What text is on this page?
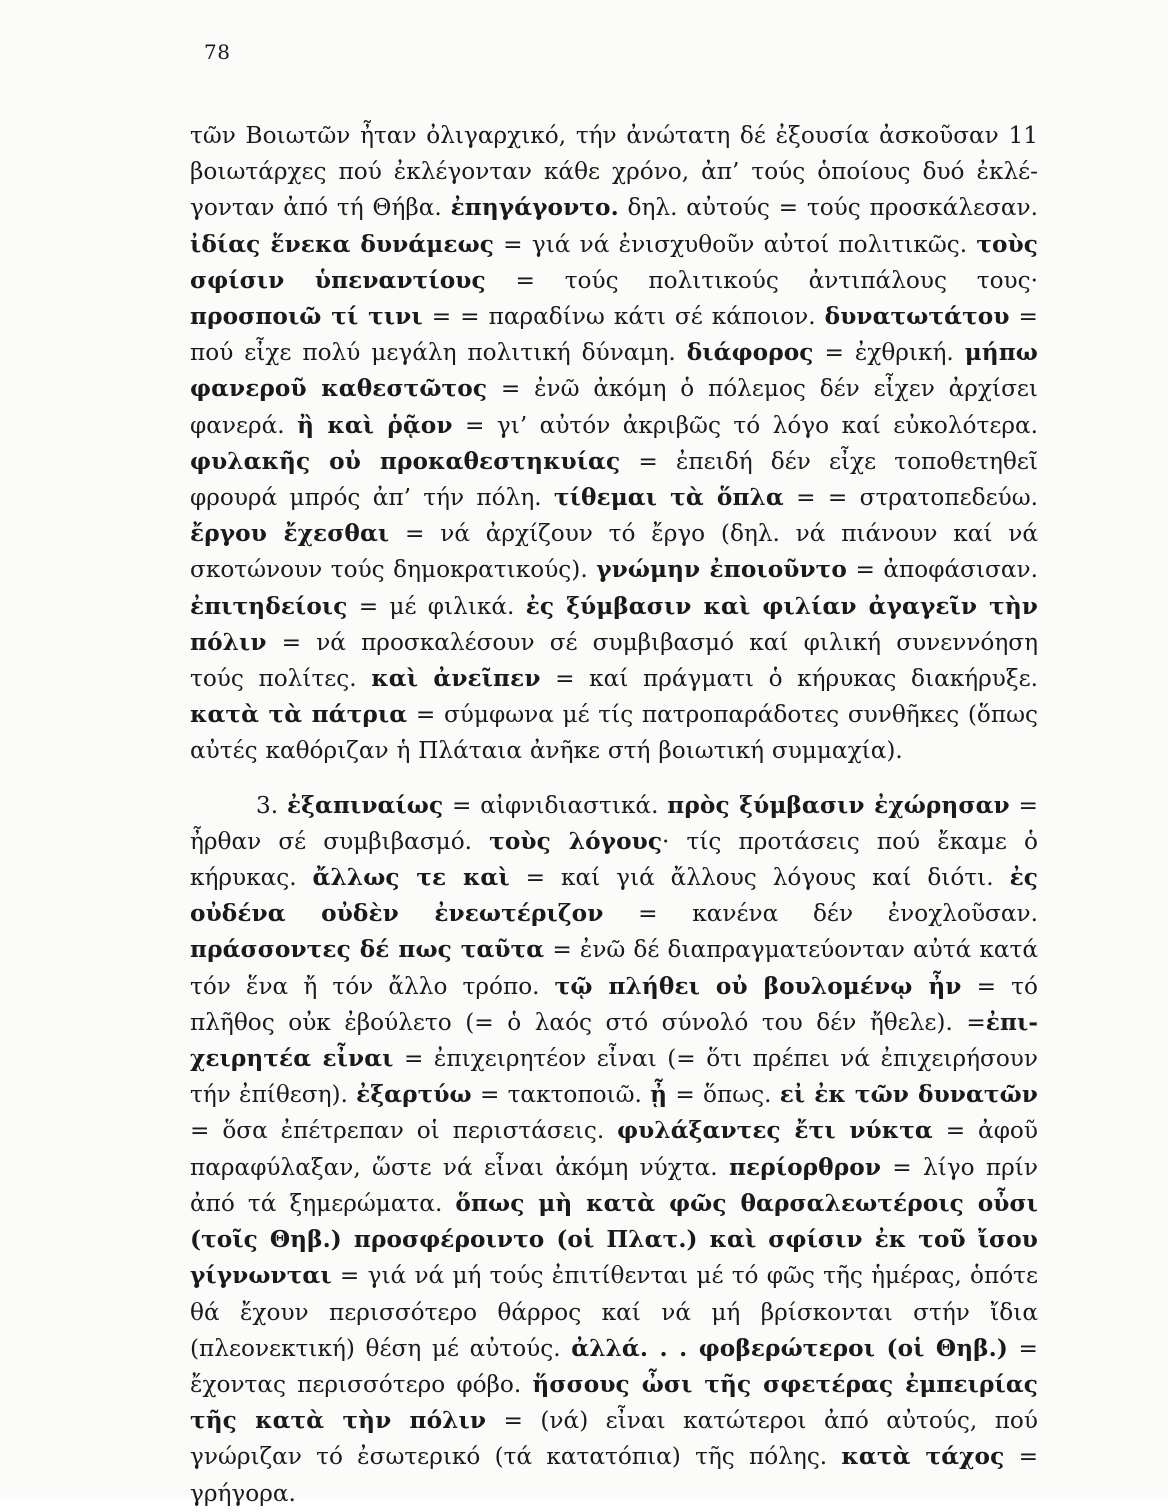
78

τῶν Βοιωτῶν ἦταν ὀλιγαρχικό, τήν ἀνώτατη δέ ἐξουσία ἀσκοῦσαν 11 βοιωτάρχες πού ἐκλέγονταν κάθε χρόνο, ἀπ’ τούς ὁποίους δυό ἐκλέγονταν ἀπό τή Θήβα. ἐπηγάγοντο. δηλ. αὐτούς = τούς προσκάλεσαν. ἰδίας ἕνεκα δυνάμεως = γιά νά ἐνισχυθοῦν αὐτοί πολιτικῶς. τοὺς σφίσιν ὑπεναντίους = τούς πολιτικούς ἀντιπάλους τους· προσποιῶ τί τινι = = παραδίνω κάτι σέ κάποιον. δυνατωτάτου = πού εἶχε πολύ μεγάλη πολιτική δύναμη. διάφορος = ἐχθρική. μήπω φανεροῦ καθεστῶτος = ἐνῶ ἀκόμη ὁ πόλεμος δέν εἶχεν ἀρχίσει φανερά. ἢ καὶ ῥᾷον = γι’ αὐτόν ἀκριβῶς τό λόγο καί εὐκολότερα. φυλακῆς οὐ προκαθεστηκυίας = ἐπειδή δέν εἶχε τοποθετηθεῖ φρουρά μπρός ἀπ’ τήν πόλη. τίθεμαι τὰ ὅπλα = = στρατοπεδεύω. ἔργου ἔχεσθαι = νά ἀρχίζουν τό ἔργο (δηλ. νά πιάνουν καί νά σκοτώνουν τούς δημοκρατικούς). γνώμην ἐποιοῦντο = ἀποφάσισαν. ἐπιτηδείοις = μέ φιλικά. ἐς ξύμβασιν καὶ φιλίαν ἀγαγεῖν τὴν πόλιν = νά προσκαλέσουν σέ συμβιβασμό καί φιλική συνεννόηση τούς πολίτες. καὶ ἀνεῖπεν = καί πράγματι ὁ κήρυκας διακήρυξε. κατὰ τὰ πάτρια = σύμφωνα μέ τίς πατροπαράδοτες συνθῆκες (ὅπως αὐτές καθόριζαν ἡ Πλάταια ἀνῆκε στή βοιωτική συμμαχία).

3. ἐξαπιναίως = αἰφνιδιαστικά. πρὸς ξύμβασιν ἐχώρησαν = ἦρθαν σέ συμβιβασμό. τοὺς λόγους· τίς προτάσεις πού ἔκαμε ὁ κήρυκας. ἄλλως τε καὶ = καί γιά ἄλλους λόγους καί διότι. ἐς οὐδένα οὐδὲν ἐνεωτέριζον = κανένα δέν ἐνοχλοῦσαν. πράσσοντες δέ πως ταῦτα = ἐνῶ δέ διαπραγματεύονταν αὐτά κατά τόν ἕνα ἤ τόν ἄλλο τρόπο. τῷ πλήθει οὐ βουλομένῳ ἦν = τό πλῆθος οὐκ ἐβούλετο (= ὁ λαός στό σύνολό του δέν ἤθελε). =ἐπιχειρητέα εἶναι = ἐπιχειρητέον εἶναι (= ὅτι πρέπει νά ἐπιχειρήσουν τήν ἐπίθεση). ἐξαρτύω = τακτοποιῶ. ᾖ = ὅπως. εἰ ἐκ τῶν δυνατῶν = ὅσα ἐπέτρεπαν οἱ περιστάσεις. φυλάξαντες ἔτι νύκτα = ἀφοῦ παραφύλαξαν, ὥστε νά εἶναι ἀκόμη νύχτα. περίορθρον = λίγο πρίν ἀπό τά ξημερώματα. ὅπως μὴ κατὰ φῶς θαρσαλεωτέροις οὖσι (τοῖς Θηβ.) προσφέροιντο (οἱ Πλατ.) καὶ σφίσιν ἐκ τοῦ ἴσου γίγνωνται = γιά νά μή τούς ἐπιτίθενται μέ τό φῶς τῆς ἡμέρας, ὁπότε θά ἔχουν περισσότερο θάρρος καί νά μή βρίσκονται στήν ἴδια (πλεονεκτική) θέση μέ αὐτούς. ἀλλά. . . φοβερώτεροι (οἱ Θηβ.) = ἔχοντας περισσότερο φόβο. ἥσσους ὦσι τῆς σφετέρας ἐμπειρίας τῆς κατὰ τὴν πόλιν = (νά) εἶναι κατώτεροι ἀπό αὐτούς, πού γνώριζαν τό ἐσωτερικό (τά κατατόπια) τῆς πόλης. κατὰ τάχος = γρήγορα.
